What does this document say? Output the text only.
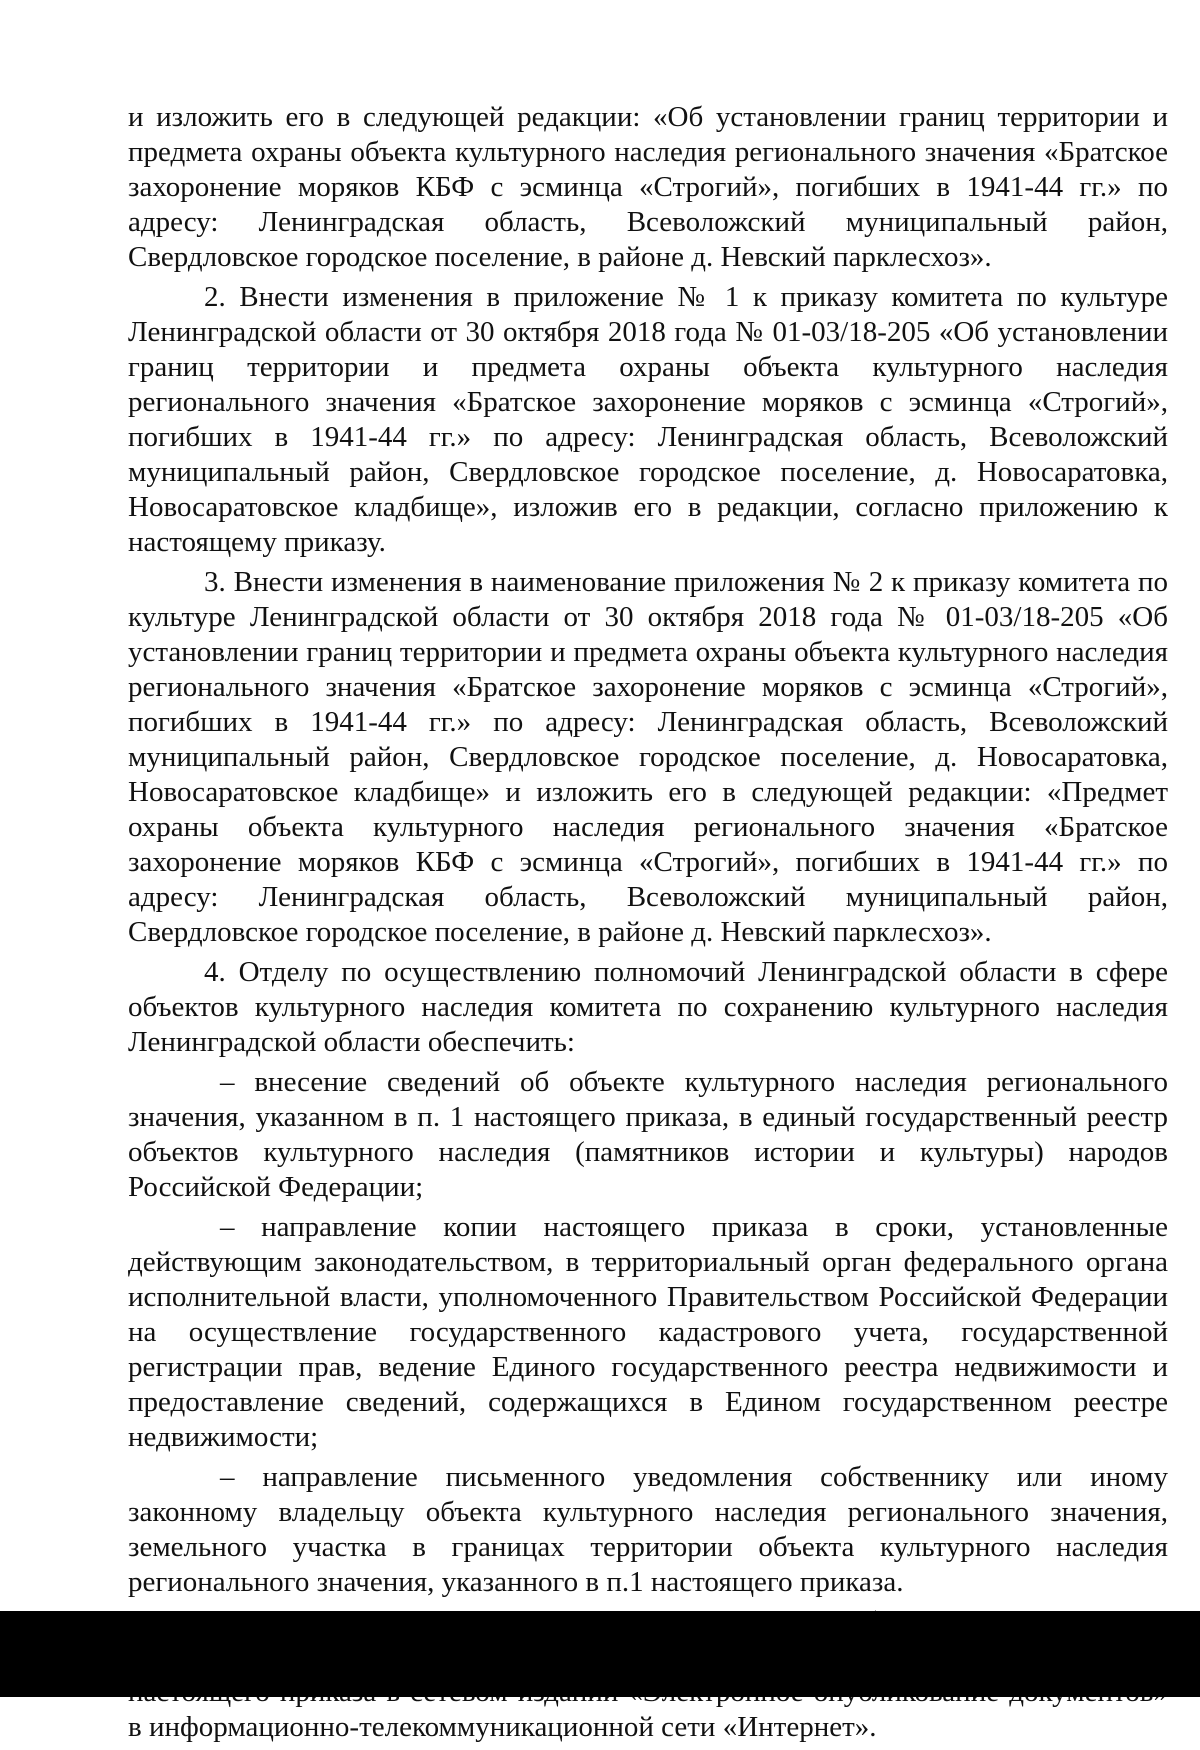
и изложить его в следующей редакции: «Об установлении границ территории и предмета охраны объекта культурного наследия регионального значения «Братское захоронение моряков КБФ с эсминца «Строгий», погибших в 1941-44 гг.» по адресу: Ленинградская область, Всеволожский муниципальный район, Свердловское городское поселение, в районе д. Невский парклесхоз».

2. Внести изменения в приложение № 1 к приказу комитета по культуре Ленинградской области от 30 октября 2018 года № 01-03/18-205 «Об установлении границ территории и предмета охраны объекта культурного наследия регионального значения «Братское захоронение моряков с эсминца «Строгий», погибших в 1941-44 гг.» по адресу: Ленинградская область, Всеволожский муниципальный район, Свердловское городское поселение, д. Новосаратовка, Новосаратовское кладбище», изложив его в редакции, согласно приложению к настоящему приказу.

3. Внести изменения в наименование приложения № 2 к приказу комитета по культуре Ленинградской области от 30 октября 2018 года № 01-03/18-205 «Об установлении границ территории и предмета охраны объекта культурного наследия регионального значения «Братское захоронение моряков с эсминца «Строгий», погибших в 1941-44 гг.» по адресу: Ленинградская область, Всеволожский муниципальный район, Свердловское городское поселение, д. Новосаратовка, Новосаратовское кладбище» и изложить его в следующей редакции: «Предмет охраны объекта культурного наследия регионального значения «Братское захоронение моряков КБФ с эсминца «Строгий», погибших в 1941-44 гг.» по адресу: Ленинградская область, Всеволожский муниципальный район, Свердловское городское поселение, в районе д. Невский парклесхоз».

4. Отделу по осуществлению полномочий Ленинградской области в сфере объектов культурного наследия комитета по сохранению культурного наследия Ленинградской области обеспечить:

– внесение сведений об объекте культурного наследия регионального значения, указанном в п. 1 настоящего приказа, в единый государственный реестр объектов культурного наследия (памятников истории и культуры) народов Российской Федерации;

– направление копии настоящего приказа в сроки, установленные действующим законодательством, в территориальный орган федерального органа исполнительной власти, уполномоченного Правительством Российской Федерации на осуществление государственного кадастрового учета, государственной регистрации прав, ведение Единого государственного реестра недвижимости и предоставление сведений, содержащихся в Едином государственном реестре недвижимости;

– направление письменного уведомления собственнику или иному законному владельцу объекта культурного наследия регионального значения, земельного участка в границах территории объекта культурного наследия регионального значения, указанного в п.1 настоящего приказа.

в информационно-телекоммуникационной сети «Интернет».
